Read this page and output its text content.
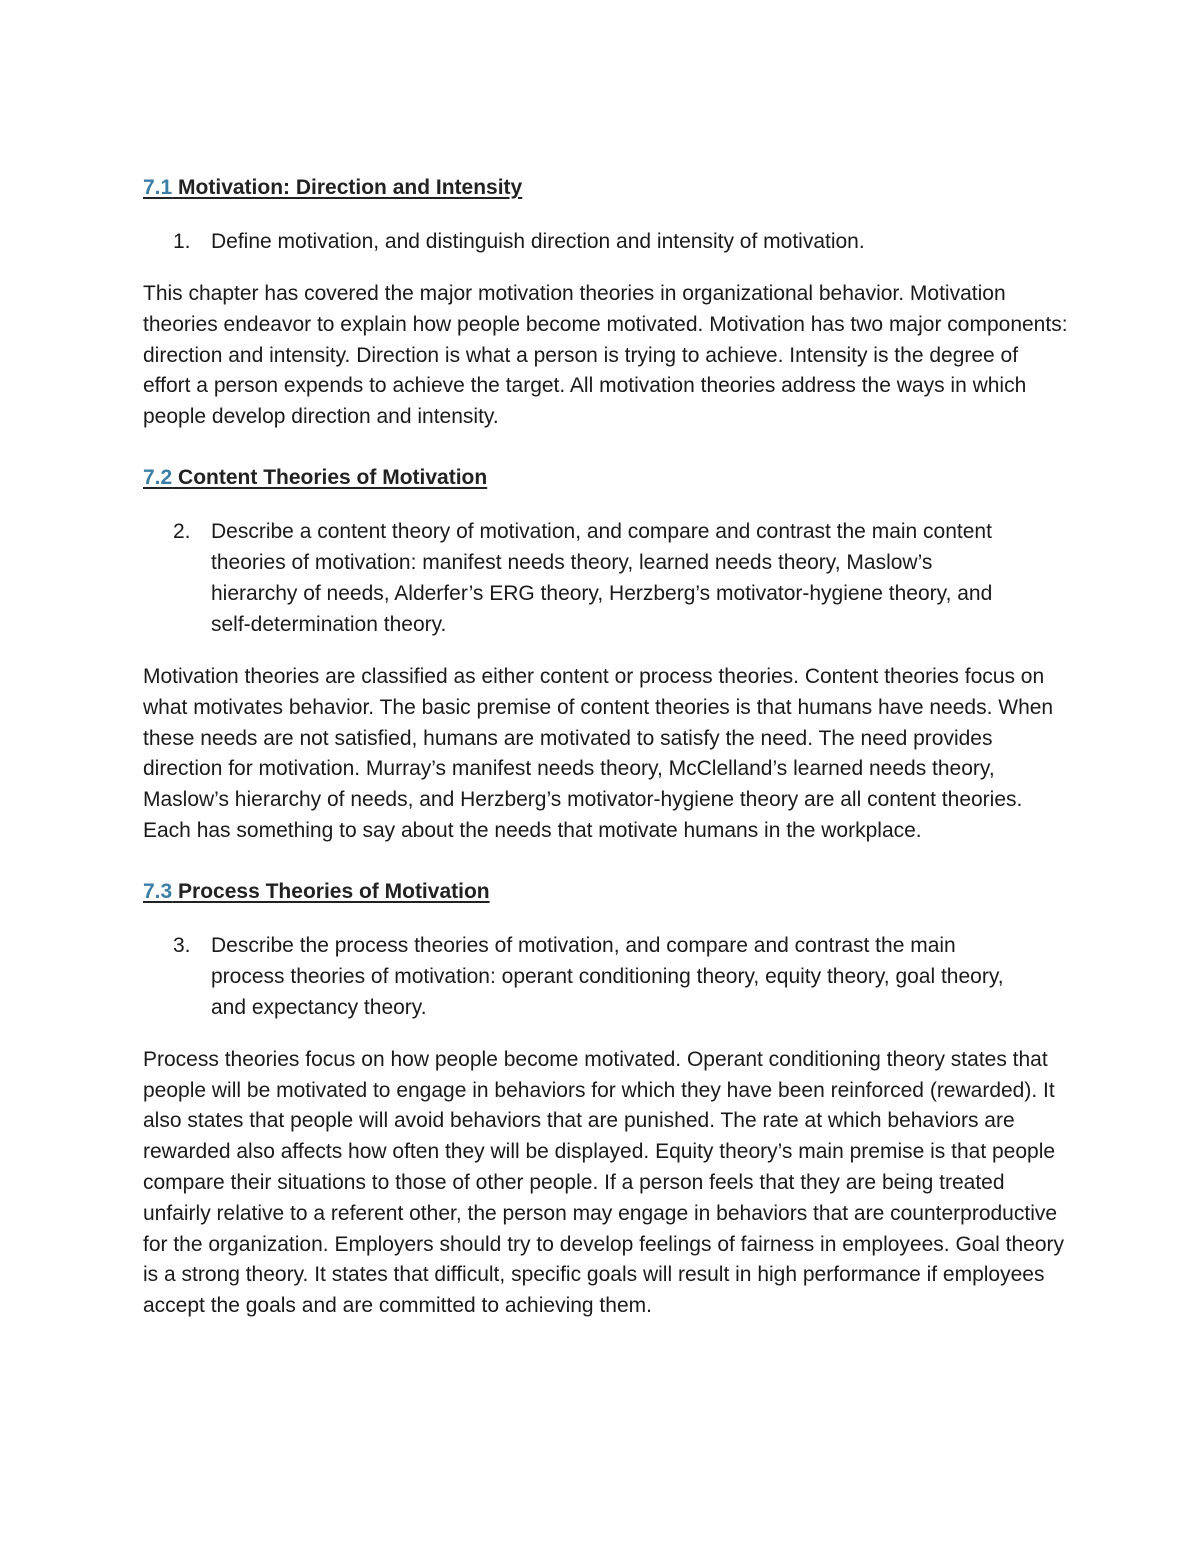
7.1 Motivation: Direction and Intensity
1. Define motivation, and distinguish direction and intensity of motivation.

This chapter has covered the major motivation theories in organizational behavior. Motivation theories endeavor to explain how people become motivated. Motivation has two major components: direction and intensity. Direction is what a person is trying to achieve. Intensity is the degree of effort a person expends to achieve the target. All motivation theories address the ways in which people develop direction and intensity.

7.2 Content Theories of Motivation
2. Describe a content theory of motivation, and compare and contrast the main content theories of motivation: manifest needs theory, learned needs theory, Maslow’s hierarchy of needs, Alderfer’s ERG theory, Herzberg’s motivator-hygiene theory, and self-determination theory.

Motivation theories are classified as either content or process theories. Content theories focus on what motivates behavior. The basic premise of content theories is that humans have needs. When these needs are not satisfied, humans are motivated to satisfy the need. The need provides direction for motivation. Murray’s manifest needs theory, McClelland’s learned needs theory, Maslow’s hierarchy of needs, and Herzberg’s motivator-hygiene theory are all content theories. Each has something to say about the needs that motivate humans in the workplace.

7.3 Process Theories of Motivation
3. Describe the process theories of motivation, and compare and contrast the main process theories of motivation: operant conditioning theory, equity theory, goal theory, and expectancy theory.

Process theories focus on how people become motivated. Operant conditioning theory states that people will be motivated to engage in behaviors for which they have been reinforced (rewarded). It also states that people will avoid behaviors that are punished. The rate at which behaviors are rewarded also affects how often they will be displayed. Equity theory’s main premise is that people compare their situations to those of other people. If a person feels that they are being treated unfairly relative to a referent other, the person may engage in behaviors that are counterproductive for the organization. Employers should try to develop feelings of fairness in employees. Goal theory is a strong theory. It states that difficult, specific goals will result in high performance if employees accept the goals and are committed to achieving them.
